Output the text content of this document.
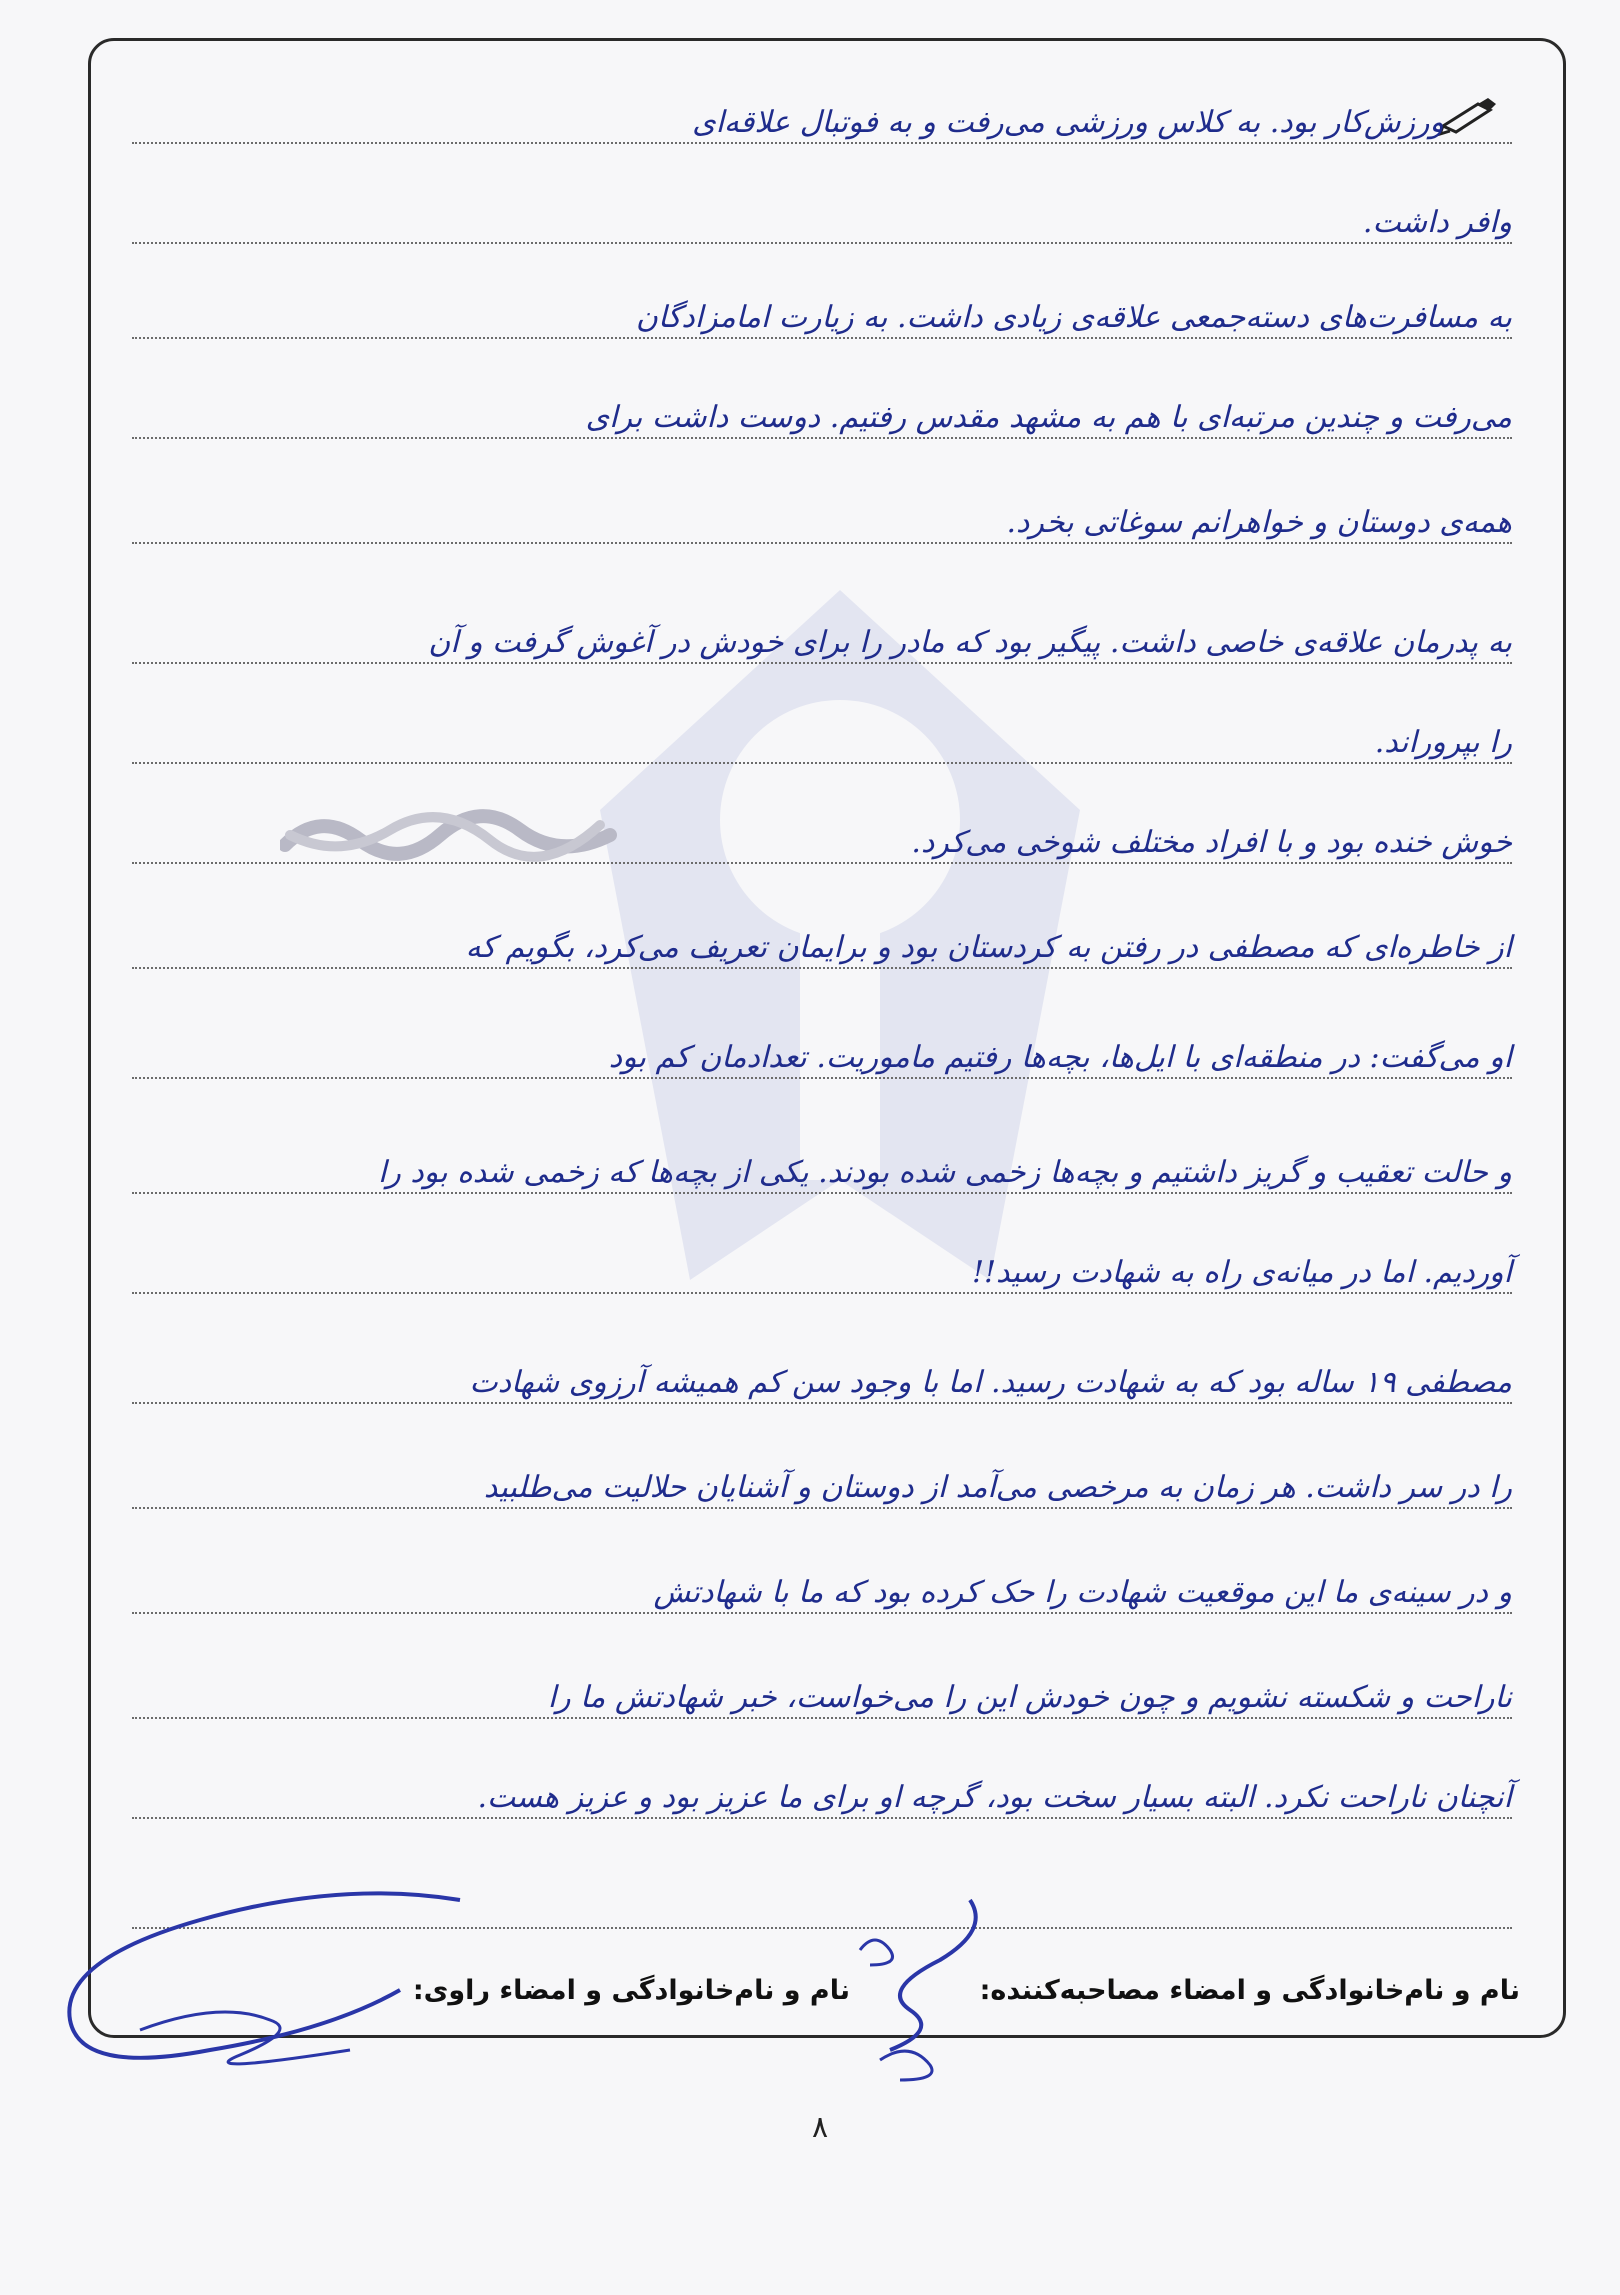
ورزش‌کار بود. به کلاس ورزشی می‌رفت و به فوتبال علاقه‌ای
وافر داشت.
به مسافرت‌های دسته‌جمعی علاقه‌ی زیادی داشت. به زیارت امامزادگان
می‌رفت و چندین مرتبه‌ای با هم به مشهد مقدس رفتیم. دوست داشت برای
همه‌ی دوستان و خواهرانم سوغاتی بخرد.
به پدرمان علاقه‌ی خاصی داشت. پیگیر بود که مادر را برای خودش در آغوش گرفت و آن
را بپروراند.
خوش خنده بود و با افراد مختلف شوخی می‌کرد.
از خاطره‌ای که مصطفی در رفتن به کردستان بود و برایمان تعریف می‌کرد، بگویم که
او می‌گفت: در منطقه‌ای با ایل‌ها، بچه‌ها رفتیم ماموریت. تعدادمان کم بود
و حالت تعقیب و گریز داشتیم و بچه‌ها زخمی شده بودند. یکی از بچه‌ها که زخمی شده بود را
آوردیم. اما در میانه‌ی راه به شهادت رسید!!
مصطفی ۱۹ ساله بود که به شهادت رسید. اما با وجود سن کم همیشه آرزوی شهادت
را در سر داشت. هر زمان به مرخصی می‌آمد از دوستان و آشنایان حلالیت می‌طلبید
و در سینه‌ی ما این موقعیت شهادت را حک کرده بود که ما با شهادتش
ناراحت و شکسته نشویم و چون خودش این را می‌خواست، خبر شهادتش ما را
آنچنان ناراحت نکرد. البته بسیار سخت بود، گرچه او برای ما عزیز بود و عزیز هست.
نام و نام‌خانوادگی و امضاء مصاحبه‌کننده:
نام و نام‌خانوادگی و امضاء راوی:
۸
